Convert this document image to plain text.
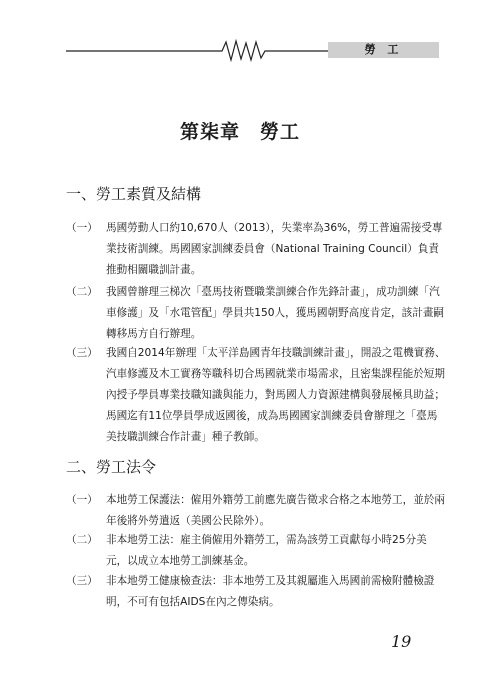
勞 工
第柒章　勞工
一、勞工素質及結構
（一） 馬國勞動人口約10,670人（2013），失業率為36%，勞工普遍需接受專業技術訓練。馬國國家訓練委員會（National Training Council）負責推動相關職訓計畫。
（二） 我國曾辦理三梯次「臺馬技術暨職業訓練合作先鋒計畫」，成功訓練「汽車修護」及「水電管配」學員共150人，獲馬國朝野高度肯定，該計畫嗣轉移馬方自行辦理。
（三） 我國自2014年辦理「太平洋島國青年技職訓練計畫」，開設之電機實務、汽車修護及木工實務等職科切合馬國就業市場需求，且密集課程能於短期內授予學員專業技職知識與能力，對馬國人力資源建構與發展極具助益；馬國迄有11位學員學成返國後，成為馬國國家訓練委員會辦理之「臺馬美技職訓練合作計畫」種子教師。
二、勞工法令
（一） 本地勞工保護法：僱用外籍勞工前應先廣告徵求合格之本地勞工，並於兩年後將外勞遣返（美國公民除外）。
（二） 非本地勞工法：雇主倘僱用外籍勞工，需為該勞工貢獻每小時25分美元，以成立本地勞工訓練基金。
（三） 非本地勞工健康檢查法：非本地勞工及其親屬進入馬國前需檢附體檢證明，不可有包括AIDS在內之傳染病。
19
